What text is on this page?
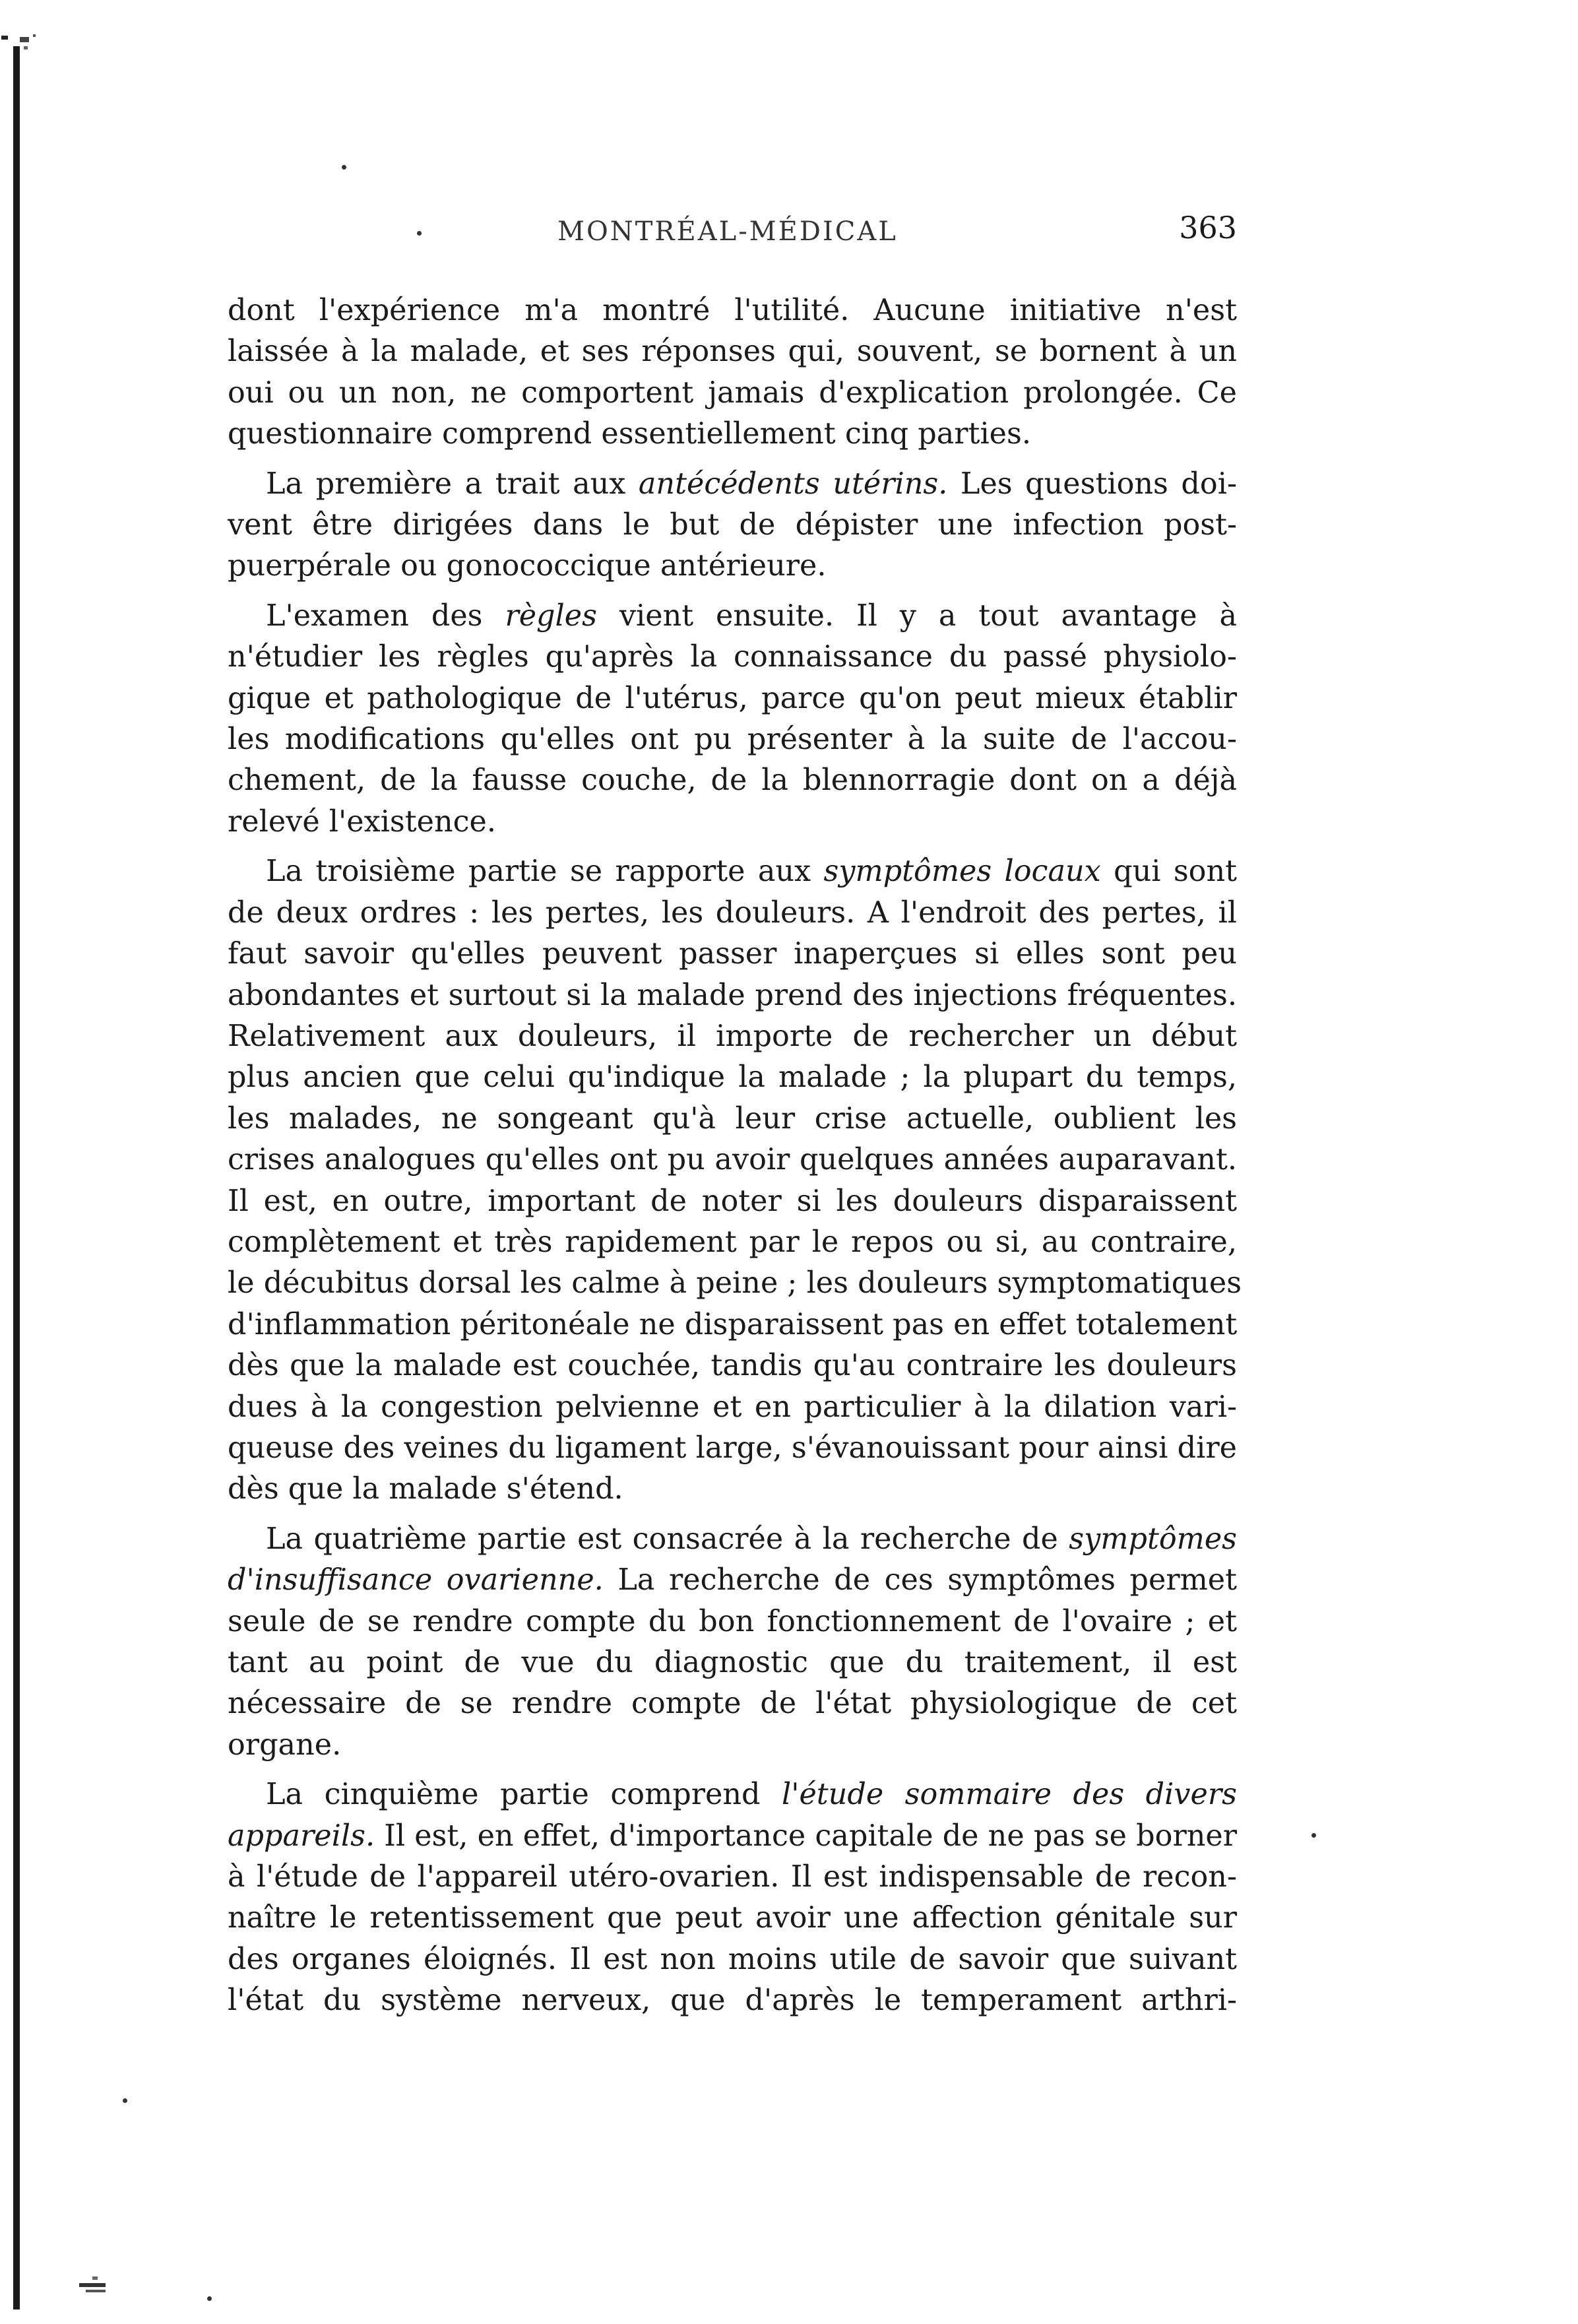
MONTRÉAL-MÉDICAL	363

dont l'expérience m'a montré l'utilité. Aucune initiative n'est
laissée à la malade, et ses réponses qui, souvent, se bornent à un
oui ou un non, ne comportent jamais d'explication prolongée. Ce
questionnaire comprend essentiellement cinq parties.

La première a trait aux antécédents utérins. Les questions doi-
vent être dirigées dans le but de dépister une infection post-
puerpérale ou gonococcique antérieure.

L'examen des règles vient ensuite. Il y a tout avantage à
n'étudier les règles qu'après la connaissance du passé physiolo-
gique et pathologique de l'utérus, parce qu'on peut mieux établir
les modifications qu'elles ont pu présenter à la suite de l'accou-
chement, de la fausse couche, de la blennorragie dont on a déjà
relevé l'existence.

La troisième partie se rapporte aux symptômes locaux qui sont
de deux ordres : les pertes, les douleurs. A l'endroit des pertes, il
faut savoir qu'elles peuvent passer inaperçues si elles sont peu
abondantes et surtout si la malade prend des injections fréquentes.
Relativement aux douleurs, il importe de rechercher un début
plus ancien que celui qu'indique la malade ; la plupart du temps,
les malades, ne songeant qu'à leur crise actuelle, oublient les
crises analogues qu'elles ont pu avoir quelques années auparavant.
Il est, en outre, important de noter si les douleurs disparaissent
complètement et très rapidement par le repos ou si, au contraire,
le décubitus dorsal les calme à peine ; les douleurs symptomatiques
d'inflammation péritonéale ne disparaissent pas en effet totalement
dès que la malade est couchée, tandis qu'au contraire les douleurs
dues à la congestion pelvienne et en particulier à la dilation vari-
queuse des veines du ligament large, s'évanouissant pour ainsi dire
dès que la malade s'étend.

La quatrième partie est consacrée à la recherche de symptômes
d'insuffisance ovarienne. La recherche de ces symptômes permet
seule de se rendre compte du bon fonctionnement de l'ovaire ; et
tant au point de vue du diagnostic que du traitement, il est
nécessaire de se rendre compte de l'état physiologique de cet
organe.

La cinquième partie comprend l'étude sommaire des divers
appareils. Il est, en effet, d'importance capitale de ne pas se borner
à l'étude de l'appareil utéro-ovarien. Il est indispensable de recon-
naître le retentissement que peut avoir une affection génitale sur
des organes éloignés. Il est non moins utile de savoir que suivant
l'état du système nerveux, que d'après le temperament arthri-
